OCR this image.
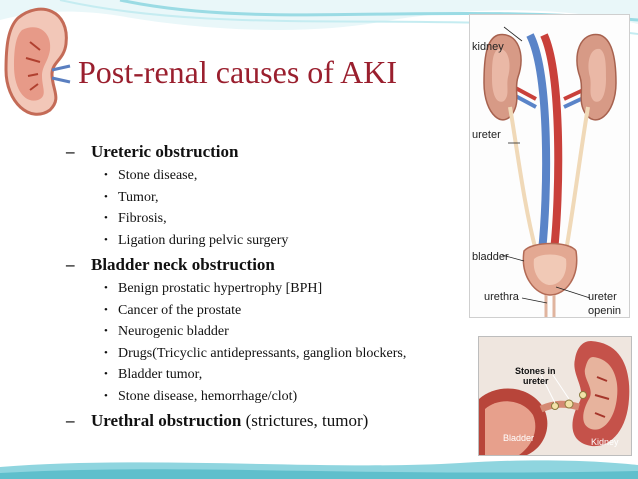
Post-renal causes of AKI
– Ureteric obstruction
• Stone disease,
• Tumor,
• Fibrosis,
• Ligation during pelvic surgery
– Bladder neck obstruction
• Benign prostatic hypertrophy [BPH]
• Cancer of the prostate
• Neurogenic bladder
• Drugs(Tricyclic antidepressants, ganglion blockers,
• Bladder tumor,
• Stone disease, hemorrhage/clot)
– Urethral obstruction (strictures, tumor)
kidney
ureter
bladder
urethra	ureter
openin
Stones in
ureter
Bladder	Kidney
